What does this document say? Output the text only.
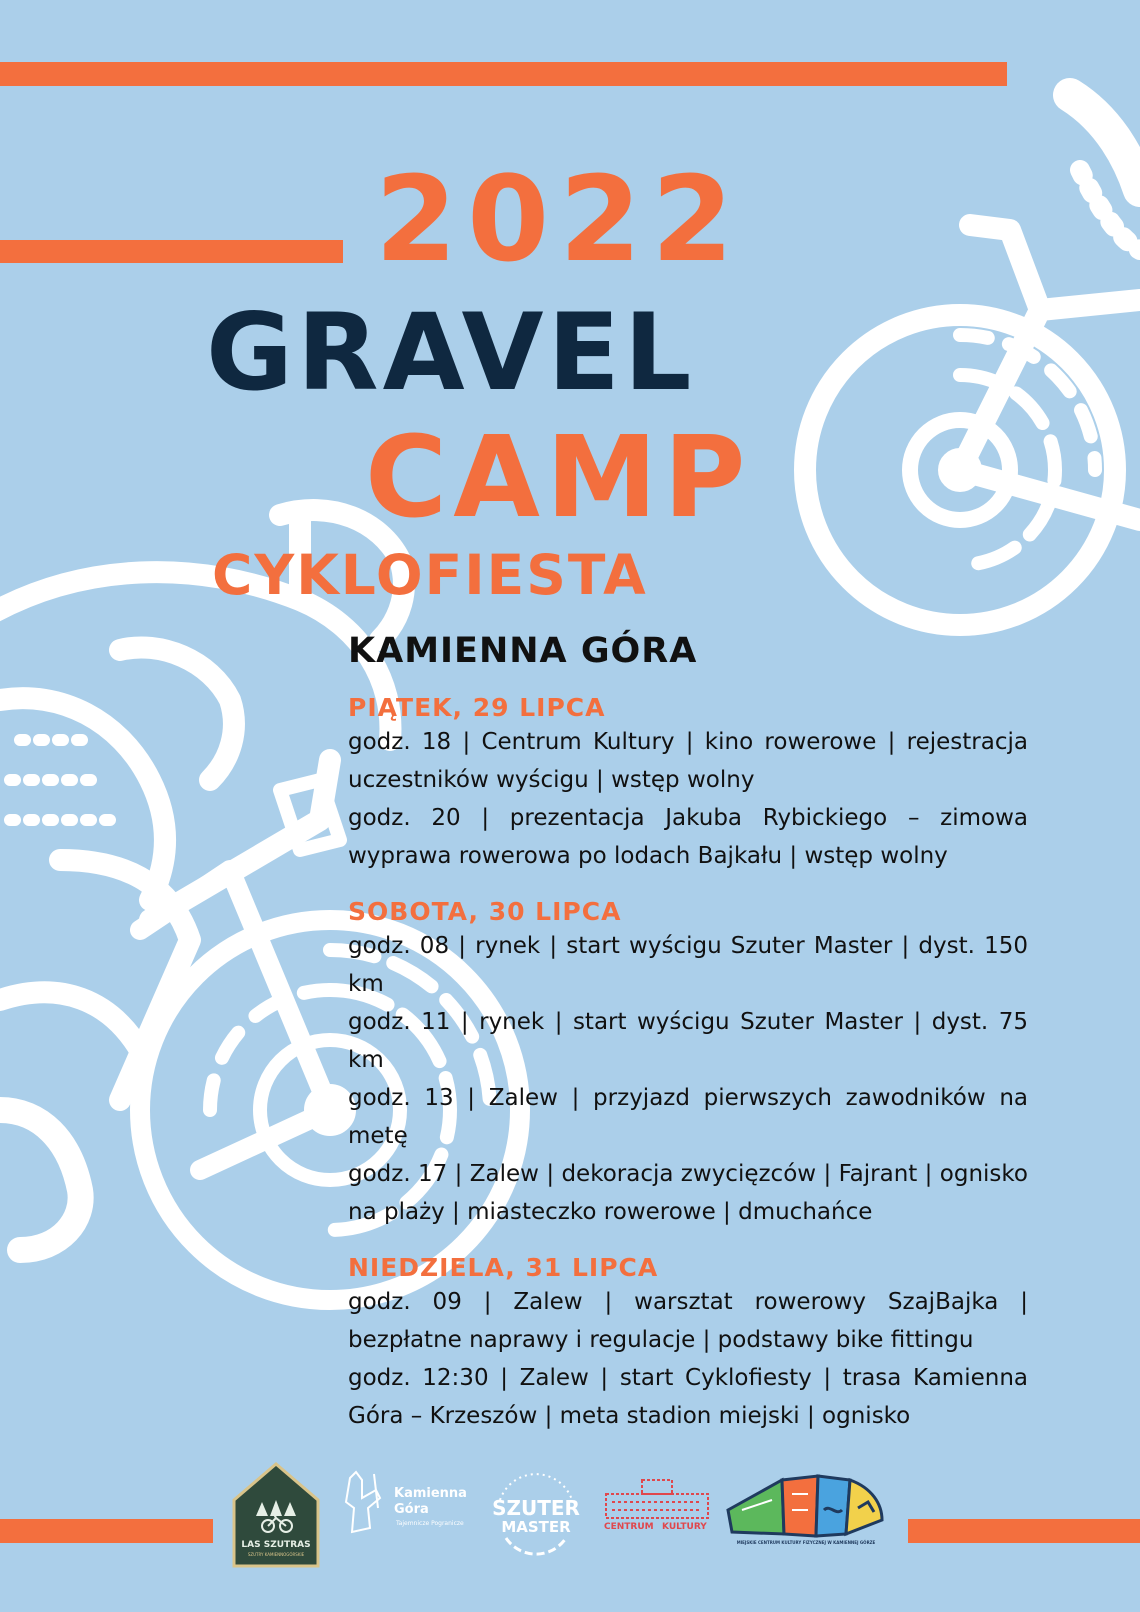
2022
GRAVEL
CAMP
CYKLOFIESTA
KAMIENNA GÓRA
PIĄTEK, 29 LIPCA
godz. 18 | Centrum Kultury | kino rowerowe | rejestracja uczestników wyścigu | wstęp wolny
godz. 20 | prezentacja Jakuba Rybickiego – zimowa wyprawa rowerowa po lodach Bajkału | wstęp wolny
SOBOTA, 30 LIPCA
godz. 08 | rynek | start wyścigu Szuter Master | dyst. 150 km
godz. 11 | rynek | start wyścigu Szuter Master | dyst. 75 km
godz. 13 | Zalew | przyjazd pierwszych zawodników na metę
godz. 17 | Zalew | dekoracja zwycięzców | Fajrant | ognisko na plaży | miasteczko rowerowe | dmuchańce
NIEDZIELA, 31 LIPCA
godz. 09 | Zalew | warsztat rowerowy SzajBajka | bezpłatne naprawy i regulacje | podstawy bike fittingu
godz. 12:30 | Zalew | start Cyklofiesty | trasa Kamienna Góra – Krzeszów | meta stadion miejski | ognisko
LAS SZUTRAS
SZUTRY KAMIENNOGÓRSKIE
Kamienna
Góra
Tajemnicze Pogranicze
SZUTER
MASTER	CENTRUM KULTURY
MIEJSKIE CENTRUM KULTURY FIZYCZNEJ W KAMIENNEJ GÓRZE
